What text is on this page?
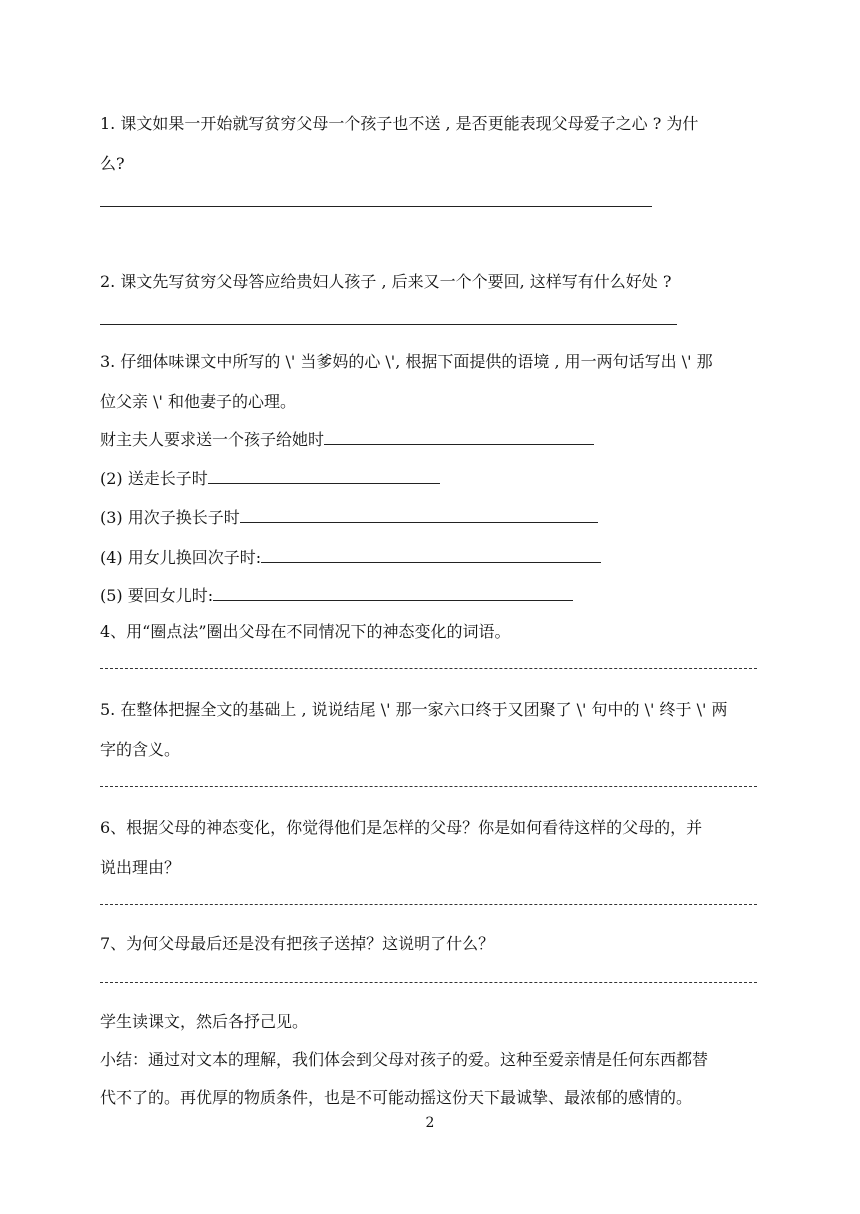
1. 课文如果一开始就写贫穷父母一个孩子也不送 , 是否更能表现父母爱子之心 ? 为什
么?
2. 课文先写贫穷父母答应给贵妇人孩子 , 后来又一个个要回, 这样写有什么好处 ?
3. 仔细体味课文中所写的 \' 当爹妈的心 \', 根据下面提供的语境 , 用一两句话写出 \' 那
位父亲 \' 和他妻子的心理。
财主夫人要求送一个孩子给她时
(2) 送走长子时
(3) 用次子换长子时
(4) 用女儿换回次子时:
(5) 要回女儿时:
4、用“圈点法”圈出父母在不同情况下的神态变化的词语。
5. 在整体把握全文的基础上 , 说说结尾 \' 那一家六口终于又团聚了 \' 句中的 \' 终于 \' 两
字的含义。
6、根据父母的神态变化，你觉得他们是怎样的父母？你是如何看待这样的父母的，并
说出理由？
7、为何父母最后还是没有把孩子送掉？这说明了什么？
学生读课文，然后各抒己见。
小结：通过对文本的理解，我们体会到父母对孩子的爱。这种至爱亲情是任何东西都替
代不了的。再优厚的物质条件，也是不可能动摇这份天下最诚挚、最浓郁的感情的。
2
